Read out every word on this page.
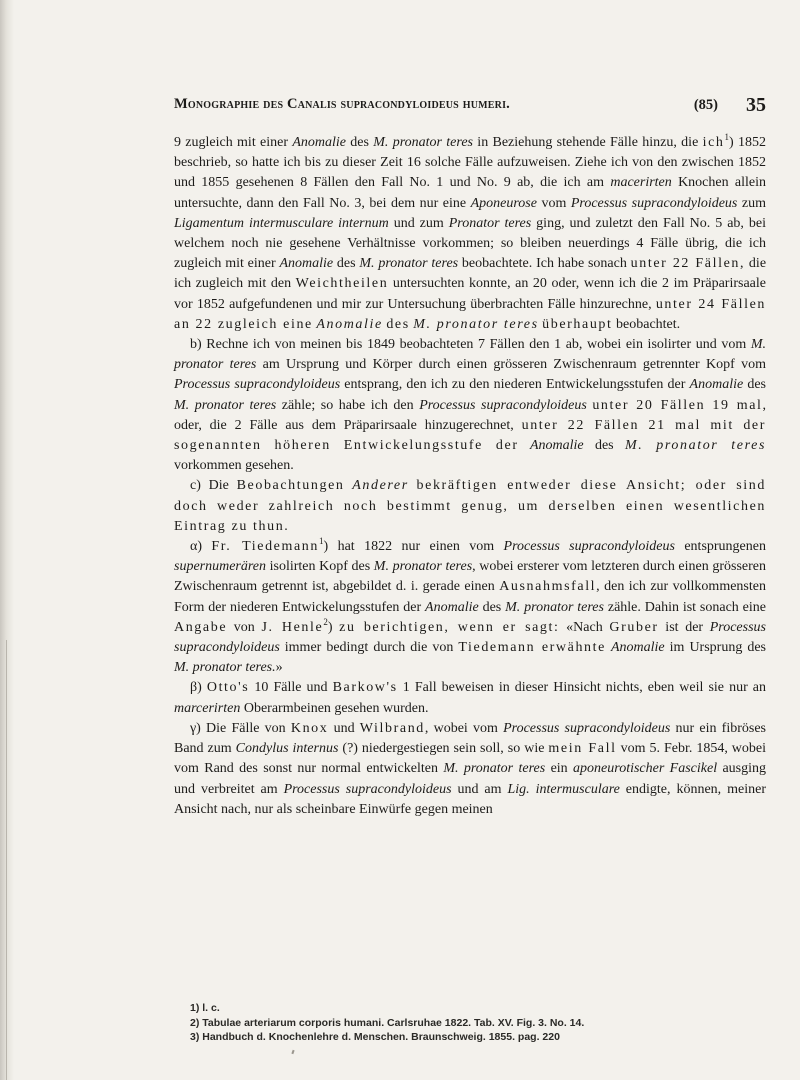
Monographie des Canalis supracondyloideus humeri.	(85) 35

9 zugleich mit einer Anomalie des M. pronator teres in Beziehung stehende Fälle hinzu, die ich$^1$) 1852 beschrieb, so hatte ich bis zu dieser Zeit 16 solche Fälle aufzuweisen. Ziehe ich von den zwischen 1852 und 1855 gesehenen 8 Fällen den Fall No. 1 und No. 9 ab, die ich am macerirten Knochen allein untersuchte, dann den Fall No. 3, bei dem nur eine Aponeurose vom Processus supracondyloideus zum Ligamentum intermusculare internum und zum Pronator teres ging, und zuletzt den Fall No. 5 ab, bei welchem noch nie gesehene Verhältnisse vorkommen; so bleiben neuerdings 4 Fälle übrig, die ich zugleich mit einer Anomalie des M. pronator teres beobachtete. Ich habe sonach unter 22 Fällen, die ich zugleich mit den Weichtheilen untersuchten konnte, an 20 oder, wenn ich die 2 im Präparirsaale vor 1852 aufgefundenen und mir zur Untersuchung überbrachten Fälle hinzurechne, unter 24 Fällen an 22 zugleich eine Anomalie des M. pronator teres überhaupt beobachtet.

b) Rechne ich von meinen bis 1849 beobachteten 7 Fällen den 1 ab, wobei ein isolirter und vom M. pronator teres am Ursprung und Körper durch einen grösseren Zwischenraum getrennter Kopf vom Processus supracondyloideus entsprang, den ich zu den niederen Entwickelungsstufen der Anomalie des M. pronator teres zähle; so habe ich den Processus supracondyloideus unter 20 Fällen 19 mal, oder, die 2 Fälle aus dem Präparirsaale hinzugerechnet, unter 22 Fällen 21 mal mit der sogenannten höheren Entwickelungsstufe der Anomalie des M. pronator teres vorkommen gesehen.

c) Die Beobachtungen Anderer bekräftigen entweder diese Ansicht; oder sind doch weder zahlreich noch bestimmt genug, um derselben einen wesentlichen Eintrag zu thun.

α) Fr. Tiedemann$^1$) hat 1822 nur einen vom Processus supracondyloideus entsprungenen supernumerären isolirten Kopf des M. pronator teres, wobei ersterer vom letzteren durch einen grösseren Zwischenraum getrennt ist, abgebildet d. i. gerade einen Ausnahmsfall, den ich zur vollkommensten Form der niederen Entwickelungsstufen der Anomalie des M. pronator teres zähle. Dahin ist sonach eine Angabe von J. Henle$^2$) zu berichtigen, wenn er sagt: «Nach Gruber ist der Processus supracondyloideus immer bedingt durch die von Tiedemann erwähnte Anomalie im Ursprung des M. pronator teres.»

β) Otto's 10 Fälle und Barkow's 1 Fall beweisen in dieser Hinsicht nichts, eben weil sie nur an marcerirten Oberarmbeinen gesehen wurden.

γ) Die Fälle von Knox und Wilbrand, wobei vom Processus supracondyloideus nur ein fibröses Band zum Condylus internus (?) niedergestiegen sein soll, so wie mein Fall vom 5. Febr. 1854, wobei vom Rand des sonst nur normal entwickelten M. pronator teres ein aponeurotischer Fascikel ausging und verbreitet am Processus supracondyloideus und am Lig. intermusculare endigte, können, meiner Ansicht nach, nur als scheinbare Einwürfe gegen meinen

1) l. c.
2) Tabulae arteriarum corporis humani. Carlsruhae 1822. Tab. XV. Fig. 3. No. 14.
3) Handbuch d. Knochenlehre d. Menschen. Braunschweig. 1855. pag. 220
